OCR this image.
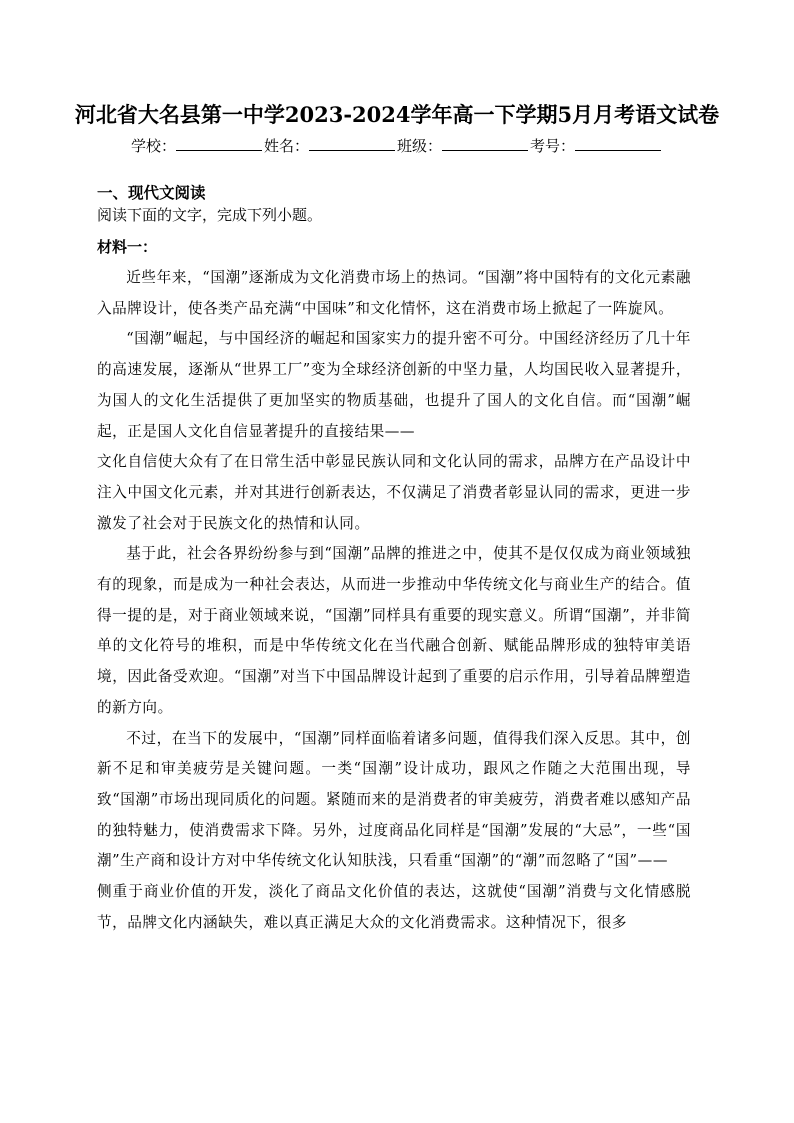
河北省大名县第一中学2023-2024学年高一下学期5月月考语文试卷
学校：	姓名：	班级：	考号：
一、现代文阅读
阅读下面的文字，完成下列小题。
材料一：

近些年来，“国潮”逐渐成为文化消费市场上的热词。“国潮”将中国特有的文化元素融入品牌设计，使各类产品充满“中国味”和文化情怀，这在消费市场上掀起了一阵旋风。

“国潮”崛起，与中国经济的崛起和国家实力的提升密不可分。中国经济经历了几十年的高速发展，逐渐从“世界工厂”变为全球经济创新的中坚力量，人均国民收入显著提升，为国人的文化生活提供了更加坚实的物质基础，也提升了国人的文化自信。而“国潮”崛起，正是国人文化自信显著提升的直接结果——

文化自信使大众有了在日常生活中彰显民族认同和文化认同的需求，品牌方在产品设计中注入中国文化元素，并对其进行创新表达，不仅满足了消费者彰显认同的需求，更进一步激发了社会对于民族文化的热情和认同。

基于此，社会各界纷纷参与到“国潮”品牌的推进之中，使其不是仅仅成为商业领域独有的现象，而是成为一种社会表达，从而进一步推动中华传统文化与商业生产的结合。值得一提的是，对于商业领域来说，“国潮”同样具有重要的现实意义。所谓“国潮”，并非简单的文化符号的堆积，而是中华传统文化在当代融合创新、赋能品牌形成的独特审美语境，因此备受欢迎。“国潮”对当下中国品牌设计起到了重要的启示作用，引导着品牌塑造的新方向。

不过，在当下的发展中，“国潮”同样面临着诸多问题，值得我们深入反思。其中，创新不足和审美疲劳是关键问题。一类“国潮”设计成功，跟风之作随之大范围出现，导致“国潮”市场出现同质化的问题。紧随而来的是消费者的审美疲劳，消费者难以感知产品的独特魅力，使消费需求下降。另外，过度商品化同样是“国潮”发展的“大忌”，一些“国潮”生产商和设计方对中华传统文化认知肤浅，只看重“国潮”的“潮”而忽略了“国”——

侧重于商业价值的开发，淡化了商品文化价值的表达，这就使“国潮”消费与文化情感脱节，品牌文化内涵缺失，难以真正满足大众的文化消费需求。这种情况下，很多
